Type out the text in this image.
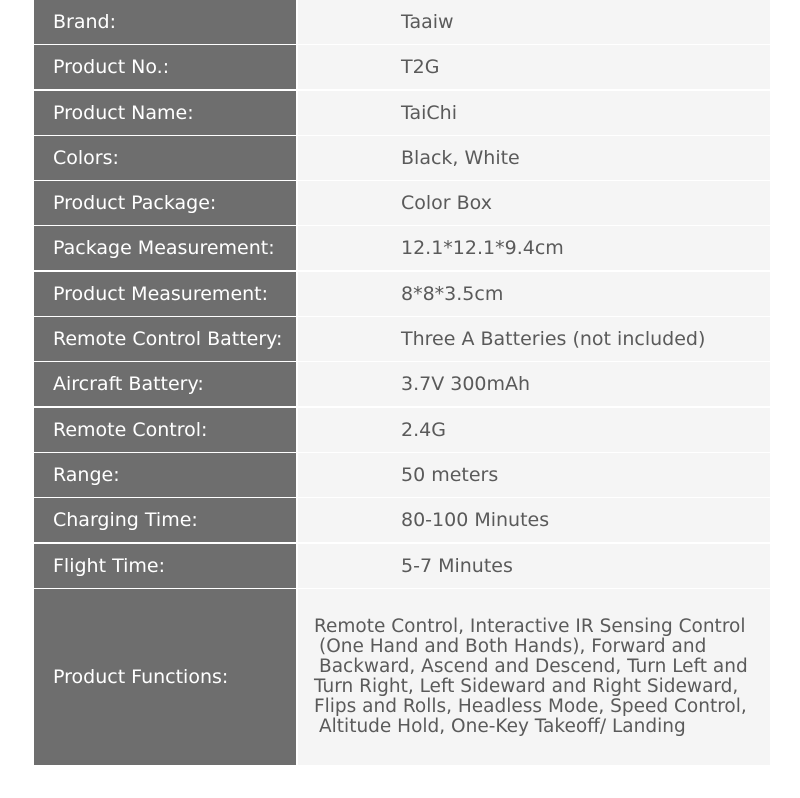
Brand:	Taaiw
Product No.:	T2G
Product Name:	TaiChi
Colors:	Black, White
Product Package:	Color Box
Package Measurement:	12.1*12.1*9.4cm
Product Measurement:	8*8*3.5cm
Remote Control Battery:	Three A Batteries (not included)
Aircraft Battery:	3.7V 300mAh
Remote Control:	2.4G
Range:	50 meters
Charging Time:	80-100 Minutes
Flight Time:	5-7 Minutes
Product Functions:
Remote Control, Interactive IR Sensing Control
(One Hand and Both Hands), Forward and
Backward, Ascend and Descend, Turn Left and
Turn Right, Left Sideward and Right Sideward,
Flips and Rolls, Headless Mode, Speed Control,
Altitude Hold, One-Key Takeoff/ Landing
